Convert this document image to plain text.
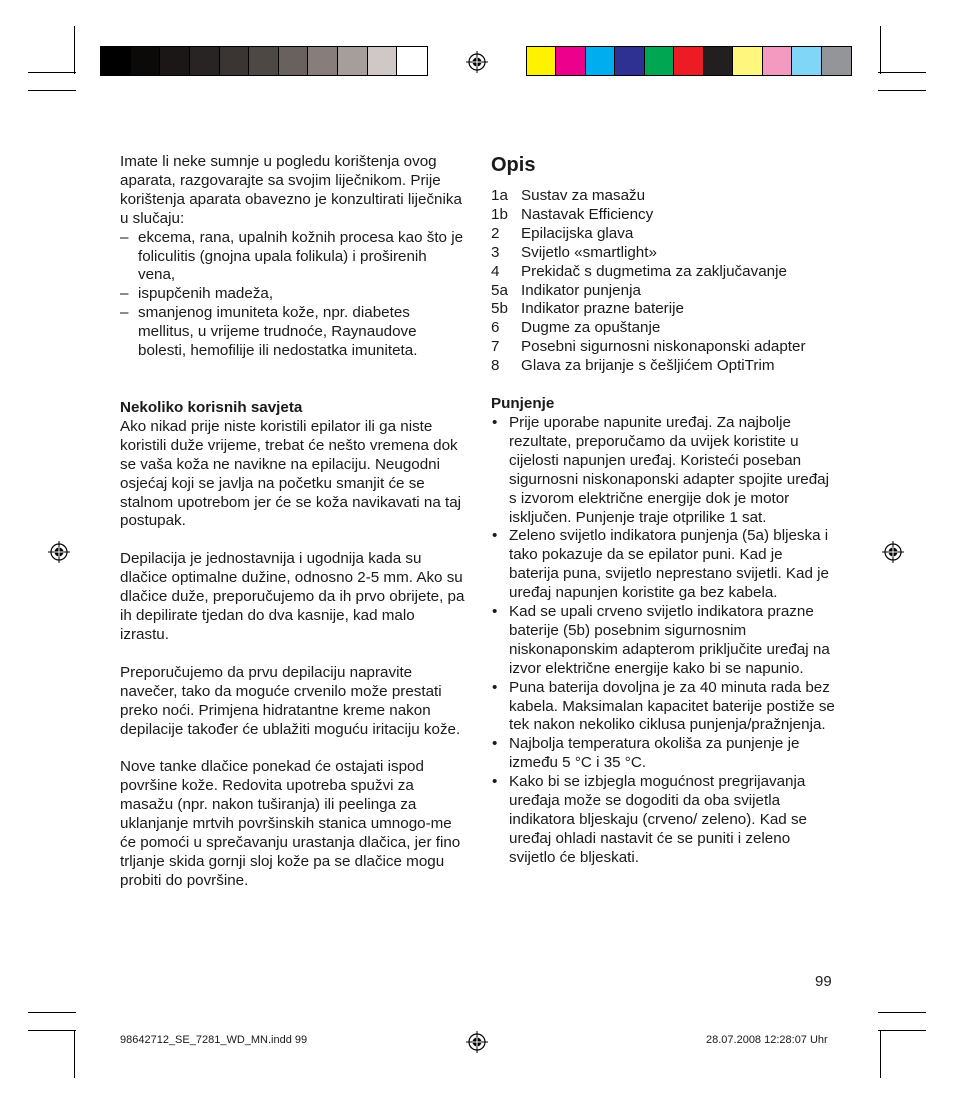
Imate li neke sumnje u pogledu korištenja ovog aparata, razgovarajte sa svojim liječnikom. Prije korištenja aparata obavezno je konzultirati liječnika u slučaju:

– ekcema, rana, upalnih kožnih procesa kao što je foliculitis (gnojna upala folikula) i proširenih vena,
– ispupčenih madeža,
– smanjenog imuniteta kože, npr. diabetes mellitus, u vrijeme trudnoće, Raynaudove bolesti, hemofilije ili nedostatka imuniteta.

Nekoliko korisnih savjeta

Ako nikad prije niste koristili epilator ili ga niste koristili duže vrijeme, trebat će nešto vremena dok se vaša koža ne navikne na epilaciju. Neugodni osjećaj koji se javlja na početku smanjit će se stalnom upotrebom jer će se koža navikavati na taj postupak.

Depilacija je jednostavnija i ugodnija kada su dlačice optimalne dužine, odnosno 2-5 mm. Ako su dlačice duže, preporučujemo da ih prvo obrijete, pa ih depilirate tjedan do dva kasnije, kad malo izrastu.

Preporučujemo da prvu depilaciju napravite navečer, tako da moguće crvenilo može prestati preko noći. Primjena hidratantne kreme nakon depilacije također će ublažiti moguću iritaciju kože.

Nove tanke dlačice ponekad će ostajati ispod površine kože. Redovita upotreba spužvi za masažu (npr. nakon tuširanja) ili peelinga za uklanjanje mrtvih površinskih stanica umnogo-me će pomoći u sprečavanju urastanja dlačica, jer fino trljanje skida gornji sloj kože pa se dlačice mogu probiti do površine.

Opis
1a Sustav za masažu
1b Nastavak Efficiency
2	Epilacijska glava
3	Svijetlo «smartlight»
4	Prekidač s dugmetima za zaključavanje
5a Indikator punjenja
5b Indikator prazne baterije
6	Dugme za opuštanje
7	Posebni sigurnosni niskonaponski adapter
8	Glava za brijanje s češljićem OptiTrim

Punjenje

• Prije uporabe napunite uređaj. Za najbolje rezultate, preporučamo da uvijek koristite u cijelosti napunjen uređaj. Koristeći poseban sigurnosni niskonaponski adapter spojite uređaj s izvorom električne energije dok je motor isključen. Punjenje traje otprilike 1 sat.
• Zeleno svijetlo indikatora punjenja (5a) bljeska i tako pokazuje da se epilator puni. Kad je baterija puna, svijetlo neprestano svijetli. Kad je uređaj napunjen koristite ga bez kabela.
• Kad se upali crveno svijetlo indikatora prazne baterije (5b) posebnim sigurnosnim niskonaponskim adapterom priključite uređaj na izvor električne energije kako bi se napunio.
• Puna baterija dovoljna je za 40 minuta rada bez kabela. Maksimalan kapacitet baterije postiže se tek nakon nekoliko ciklusa punjenja/pražnjenja.
• Najbolja temperatura okoliša za punjenje je između 5 °C i 35 °C.
• Kako bi se izbjegla mogućnost pregrijavanja uređaja može se dogoditi da oba svijetla indikatora bljeskaju (crveno/ zeleno). Kad se uređaj ohladi nastavit će se puniti i zeleno svijetlo će bljeskati.
99
98642712_SE_7281_WD_MN.indd 99	28.07.2008 12:28:07 Uhr
